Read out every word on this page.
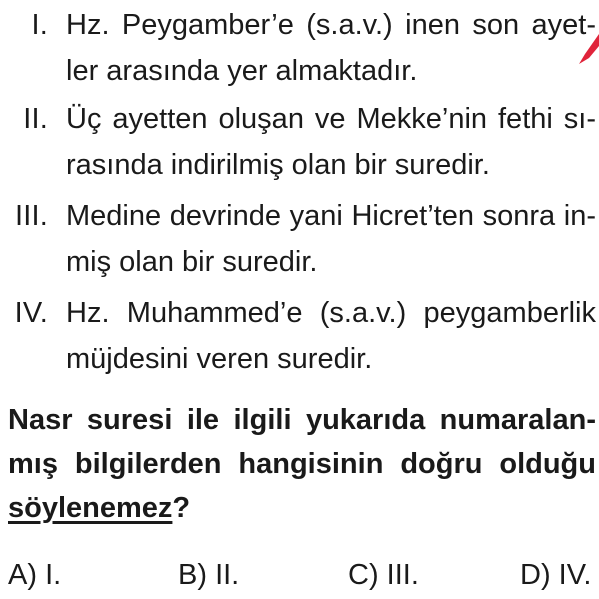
I. Hz. Peygamber’e (s.a.v.) inen son ayet-
ler arasında yer almaktadır.
II. Üç ayetten oluşan ve Mekke’nin fethi sı-
rasında indirilmiş olan bir suredir.
III. Medine devrinde yani Hicret’ten sonra in-
miş olan bir suredir.
IV. Hz. Muhammed’e (s.a.v.) peygamberlik
müjdesini veren suredir.
Nasr suresi ile ilgili yukarıda numaralan-
mış bilgilerden hangisinin doğru olduğu
söylenemez?
A) I.	B) II.	C) III.	D) IV.
